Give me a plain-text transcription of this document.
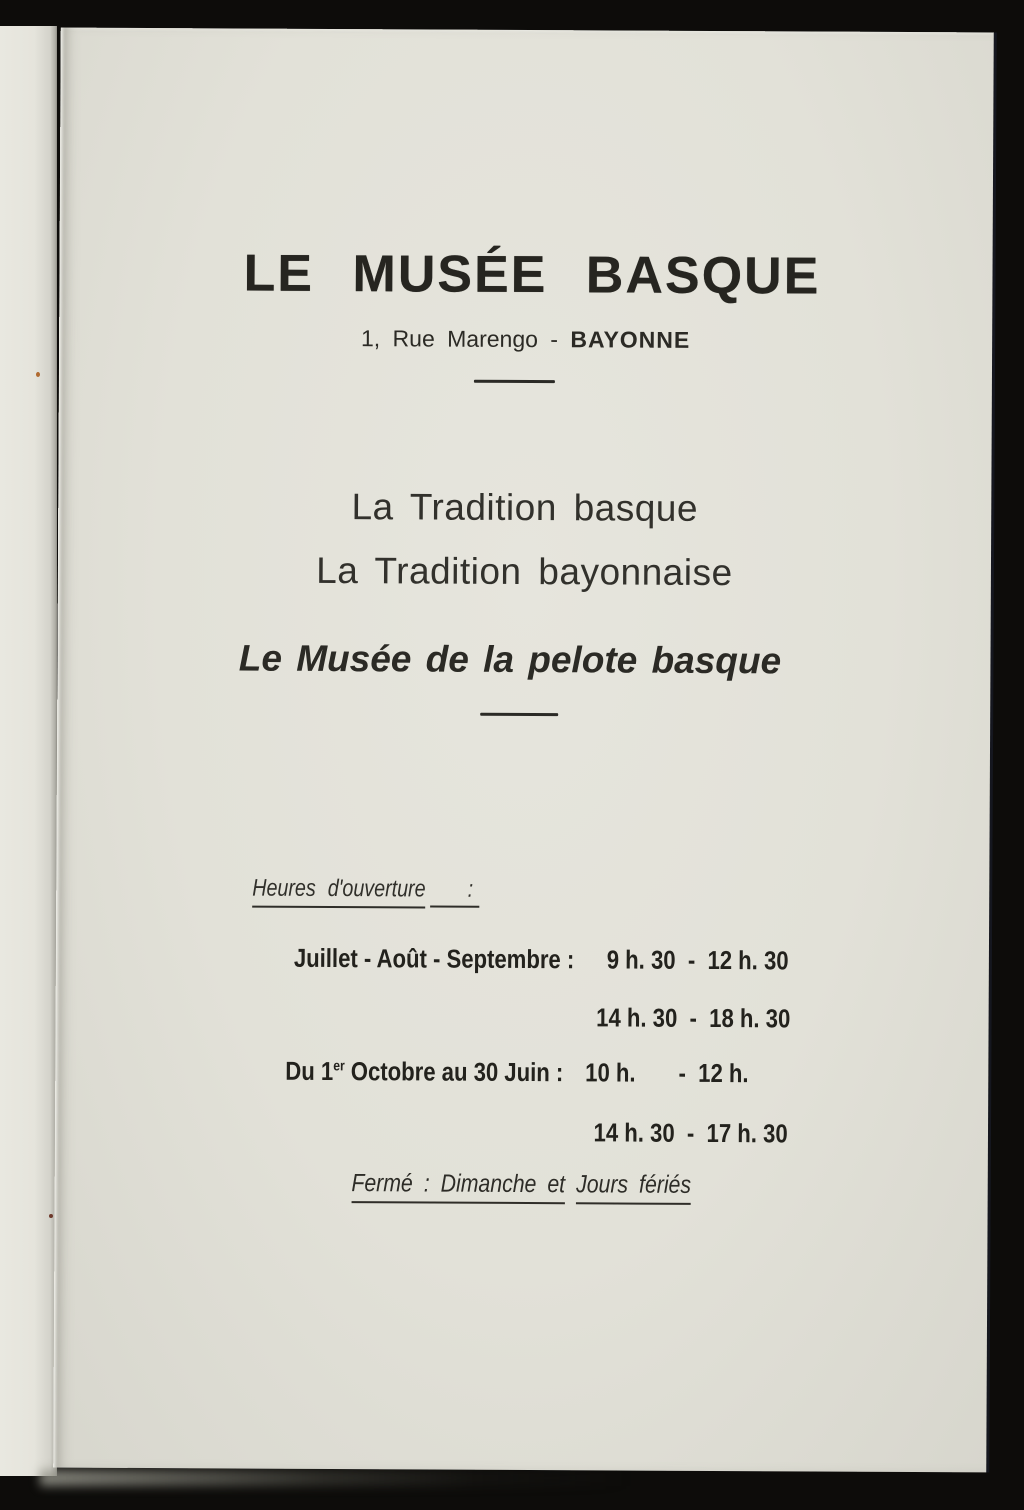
LE MUSÉE BASQUE
1, Rue Marengo - BAYONNE
La Tradition basque
La Tradition bayonnaise
Le Musée de la pelote basque
Heures d'ouverture :
Juillet - Août - Septembre : 9 h. 30  -  12 h. 30

14 h. 30  -  18 h. 30

Du 1er Octobre au 30 Juin : 10 h.       -  12 h.

14 h. 30  -  17 h. 30

Fermé : Dimanche et Jours fériés
